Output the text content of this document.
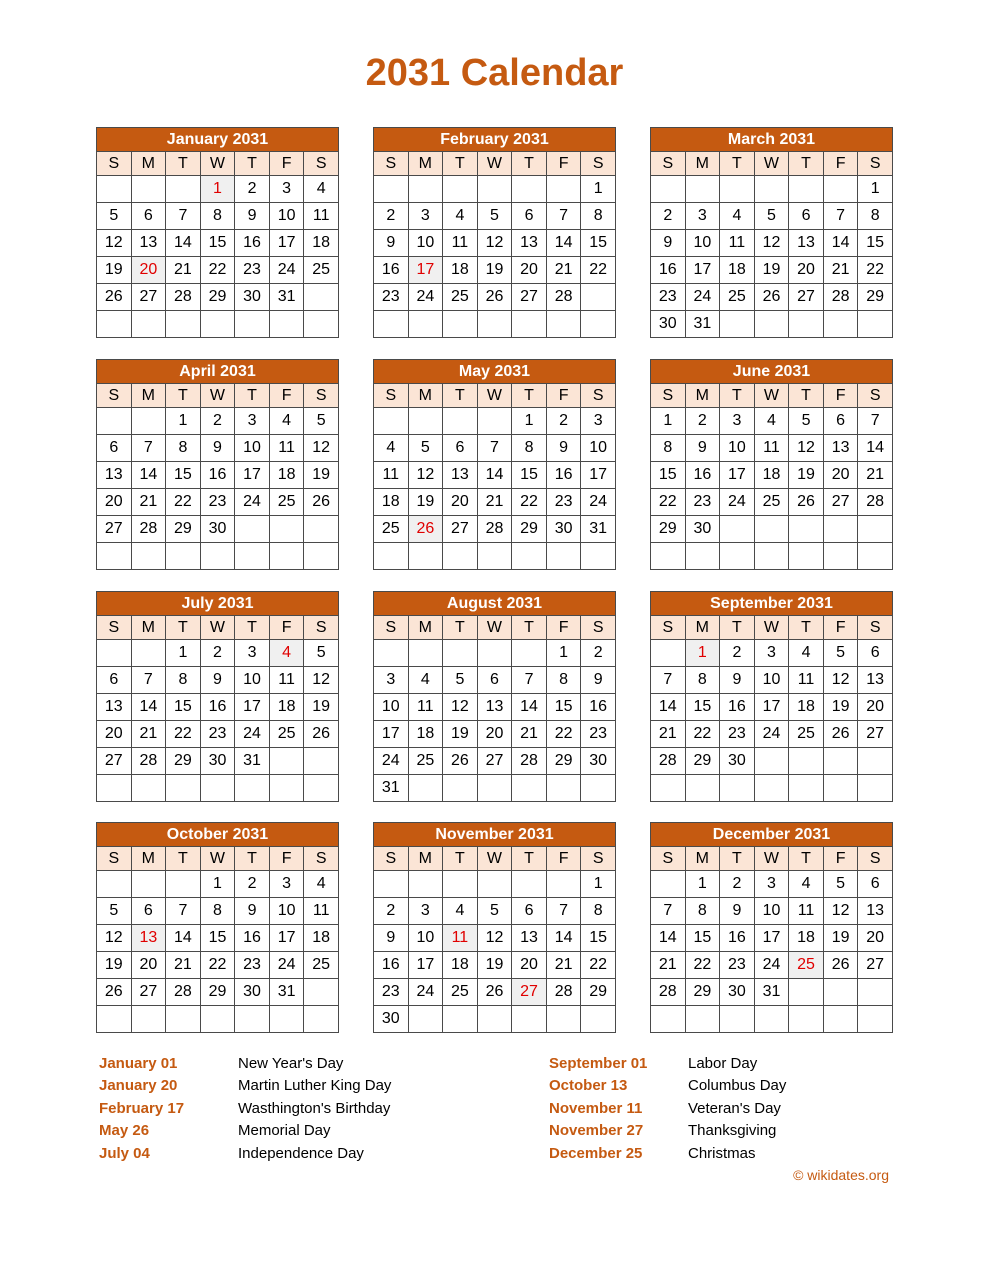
2031 Calendar
January 2031
S	M	T	W	T	F	S
			1	2	3	4
5	6	7	8	9	10	11
12	13	14	15	16	17	18
19	20	21	22	23	24	25
26	27	28	29	30	31	

February 2031
S	M	T	W	T	F	S
						1
2	3	4	5	6	7	8
9	10	11	12	13	14	15
16	17	18	19	20	21	22
23	24	25	26	27	28	

March 2031
S	M	T	W	T	F	S
						1
2	3	4	5	6	7	8
9	10	11	12	13	14	15
16	17	18	19	20	21	22
23	24	25	26	27	28	29
30	31					
April 2031
S	M	T	W	T	F	S
		1	2	3	4	5
6	7	8	9	10	11	12
13	14	15	16	17	18	19
20	21	22	23	24	25	26
27	28	29	30			

May 2031
S	M	T	W	T	F	S
				1	2	3
4	5	6	7	8	9	10
11	12	13	14	15	16	17
18	19	20	21	22	23	24
25	26	27	28	29	30	31

June 2031
S	M	T	W	T	F	S
1	2	3	4	5	6	7
8	9	10	11	12	13	14
15	16	17	18	19	20	21
22	23	24	25	26	27	28
29	30					

July 2031
S	M	T	W	T	F	S
		1	2	3	4	5
6	7	8	9	10	11	12
13	14	15	16	17	18	19
20	21	22	23	24	25	26
27	28	29	30	31		

August 2031
S	M	T	W	T	F	S
					1	2
3	4	5	6	7	8	9
10	11	12	13	14	15	16
17	18	19	20	21	22	23
24	25	26	27	28	29	30
31						
September 2031
S	M	T	W	T	F	S
	1	2	3	4	5	6
7	8	9	10	11	12	13
14	15	16	17	18	19	20
21	22	23	24	25	26	27
28	29	30				

October 2031
S	M	T	W	T	F	S
			1	2	3	4
5	6	7	8	9	10	11
12	13	14	15	16	17	18
19	20	21	22	23	24	25
26	27	28	29	30	31	

November 2031
S	M	T	W	T	F	S
						1
2	3	4	5	6	7	8
9	10	11	12	13	14	15
16	17	18	19	20	21	22
23	24	25	26	27	28	29
30						
December 2031
S	M	T	W	T	F	S
	1	2	3	4	5	6
7	8	9	10	11	12	13
14	15	16	17	18	19	20
21	22	23	24	25	26	27
28	29	30	31			

January 01	New Year's Day
January 20	Martin Luther King Day
February 17	Wasthington's Birthday
May 26	Memorial Day
July 04	Independence Day
September 01	Labor Day
October 13	Columbus Day
November 11	Veteran's Day
November 27	Thanksgiving
December 25	Christmas
© wikidates.org
